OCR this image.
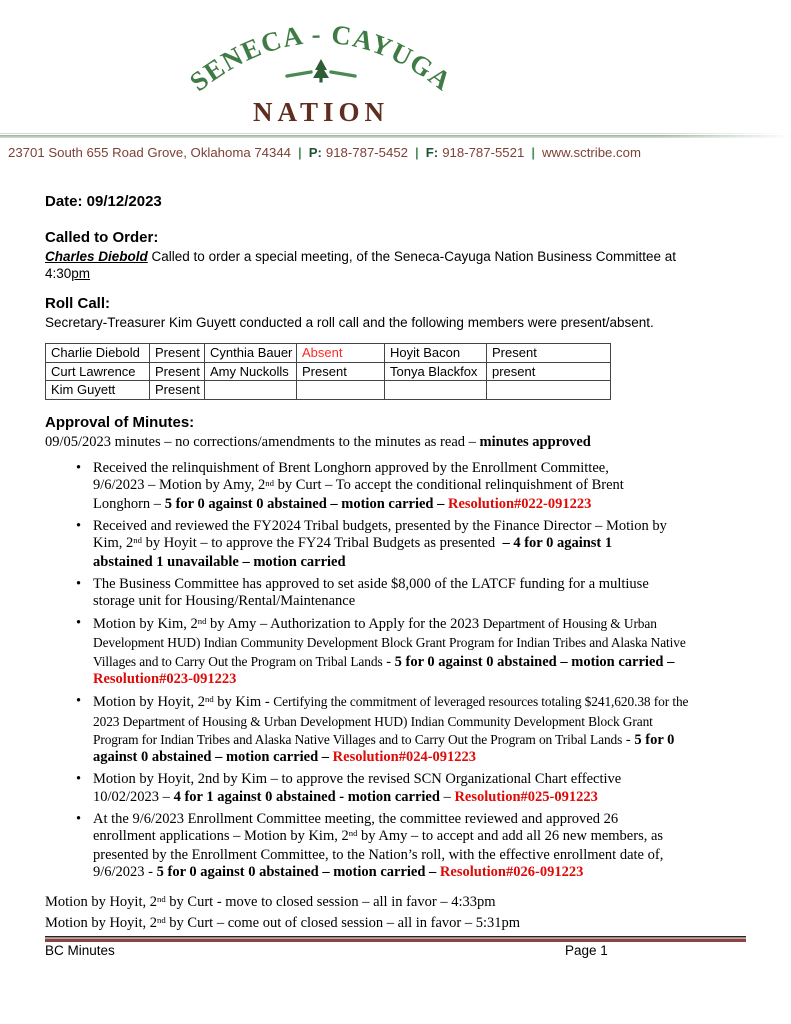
SENECA - CAYUGA
NATION
23701 South 655 Road Grove, Oklahoma 74344 | P: 918-787-5452 | F: 918-787-5521 | www.sctribe.com
Date: 09/12/2023
Called to Order:
Charles Diebold Called to order a special meeting, of the Seneca-Cayuga Nation Business Committee at
4:30pm
Roll Call:
Secretary-Treasurer Kim Guyett conducted a roll call and the following members were present/absent.
Charlie Diebold	Present	Cynthia Bauer	Absent	Hoyit Bacon	Present
Curt Lawrence	Present	Amy Nuckolls	Present	Tonya Blackfox	present
Kim Guyett	Present				
Approval of Minutes:
09/05/2023 minutes – no corrections/amendments to the minutes as read – minutes approved
• Received the relinquishment of Brent Longhorn approved by the Enrollment Committee,
9/6/2023 – Motion by Amy, 2nd by Curt – To accept the conditional relinquishment of Brent
Longhorn – 5 for 0 against 0 abstained – motion carried – Resolution#022-091223
• Received and reviewed the FY2024 Tribal budgets, presented by the Finance Director – Motion by
Kim, 2nd by Hoyit – to approve the FY24 Tribal Budgets as presented  – 4 for 0 against 1
abstained 1 unavailable – motion carried
• The Business Committee has approved to set aside $8,000 of the LATCF funding for a multiuse
storage unit for Housing/Rental/Maintenance
• Motion by Kim, 2nd by Amy – Authorization to Apply for the 2023 Department of Housing & Urban
Development HUD) Indian Community Development Block Grant Program for Indian Tribes and Alaska Native
Villages and to Carry Out the Program on Tribal Lands - 5 for 0 against 0 abstained – motion carried –
Resolution#023-091223
• Motion by Hoyit, 2nd by Kim - Certifying the commitment of leveraged resources totaling $241,620.38 for the
2023 Department of Housing & Urban Development HUD) Indian Community Development Block Grant
Program for Indian Tribes and Alaska Native Villages and to Carry Out the Program on Tribal Lands - 5 for 0
against 0 abstained – motion carried – Resolution#024-091223
• Motion by Hoyit, 2nd by Kim – to approve the revised SCN Organizational Chart effective
10/02/2023 – 4 for 1 against 0 abstained - motion carried – Resolution#025-091223
• At the 9/6/2023 Enrollment Committee meeting, the committee reviewed and approved 26
enrollment applications – Motion by Kim, 2nd by Amy – to accept and add all 26 new members, as
presented by the Enrollment Committee, to the Nation’s roll, with the effective enrollment date of,
9/6/2023 - 5 for 0 against 0 abstained – motion carried – Resolution#026-091223
Motion by Hoyit, 2nd by Curt - move to closed session – all in favor – 4:33pm
Motion by Hoyit, 2nd by Curt – come out of closed session – all in favor – 5:31pm
BC Minutes	Page 1
